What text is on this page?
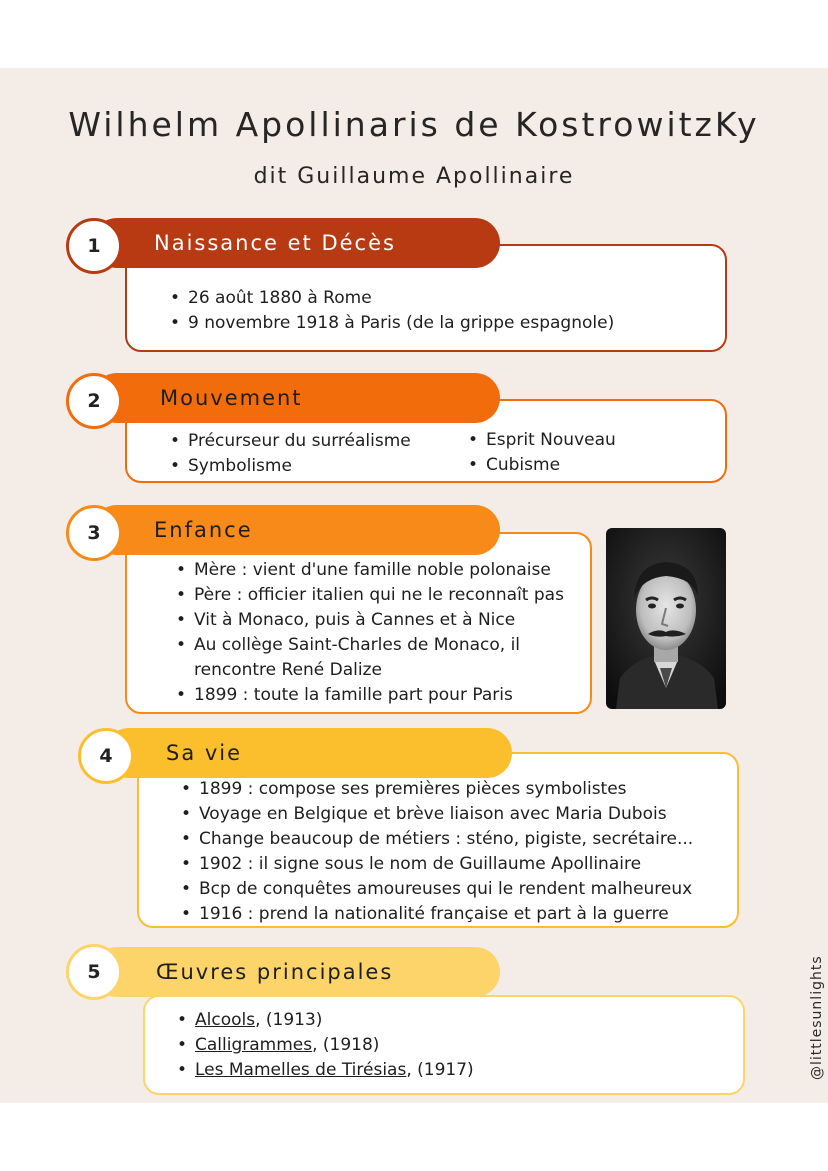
Wilhelm Apollinaris de KostrowitzKy
dit Guillaume Apollinaire
Naissance et Décès
1
• 26 août 1880 à Rome
• 9 novembre 1918 à Paris (de la grippe espagnole)
Mouvement
2
• Précurseur du surréalisme
• Symbolisme
• Esprit Nouveau
• Cubisme
Enfance
3
• Mère : vient d'une famille noble polonaise
• Père : officier italien qui ne le reconnaît pas
• Vit à Monaco, puis à Cannes et à Nice
• Au collège Saint-Charles de Monaco, il
rencontre René Dalize
• 1899 : toute la famille part pour Paris
Sa vie
4
• 1899 : compose ses premières pièces symbolistes
• Voyage en Belgique et brève liaison avec Maria Dubois
• Change beaucoup de métiers : sténo, pigiste, secrétaire...
• 1902 : il signe sous le nom de Guillaume Apollinaire
• Bcp de conquêtes amoureuses qui le rendent malheureux
• 1916 : prend la nationalité française et part à la guerre
Œuvres principales
5
• Alcools, (1913)
• Calligrammes, (1918)
• Les Mamelles de Tirésias, (1917)	@littlesunlights
